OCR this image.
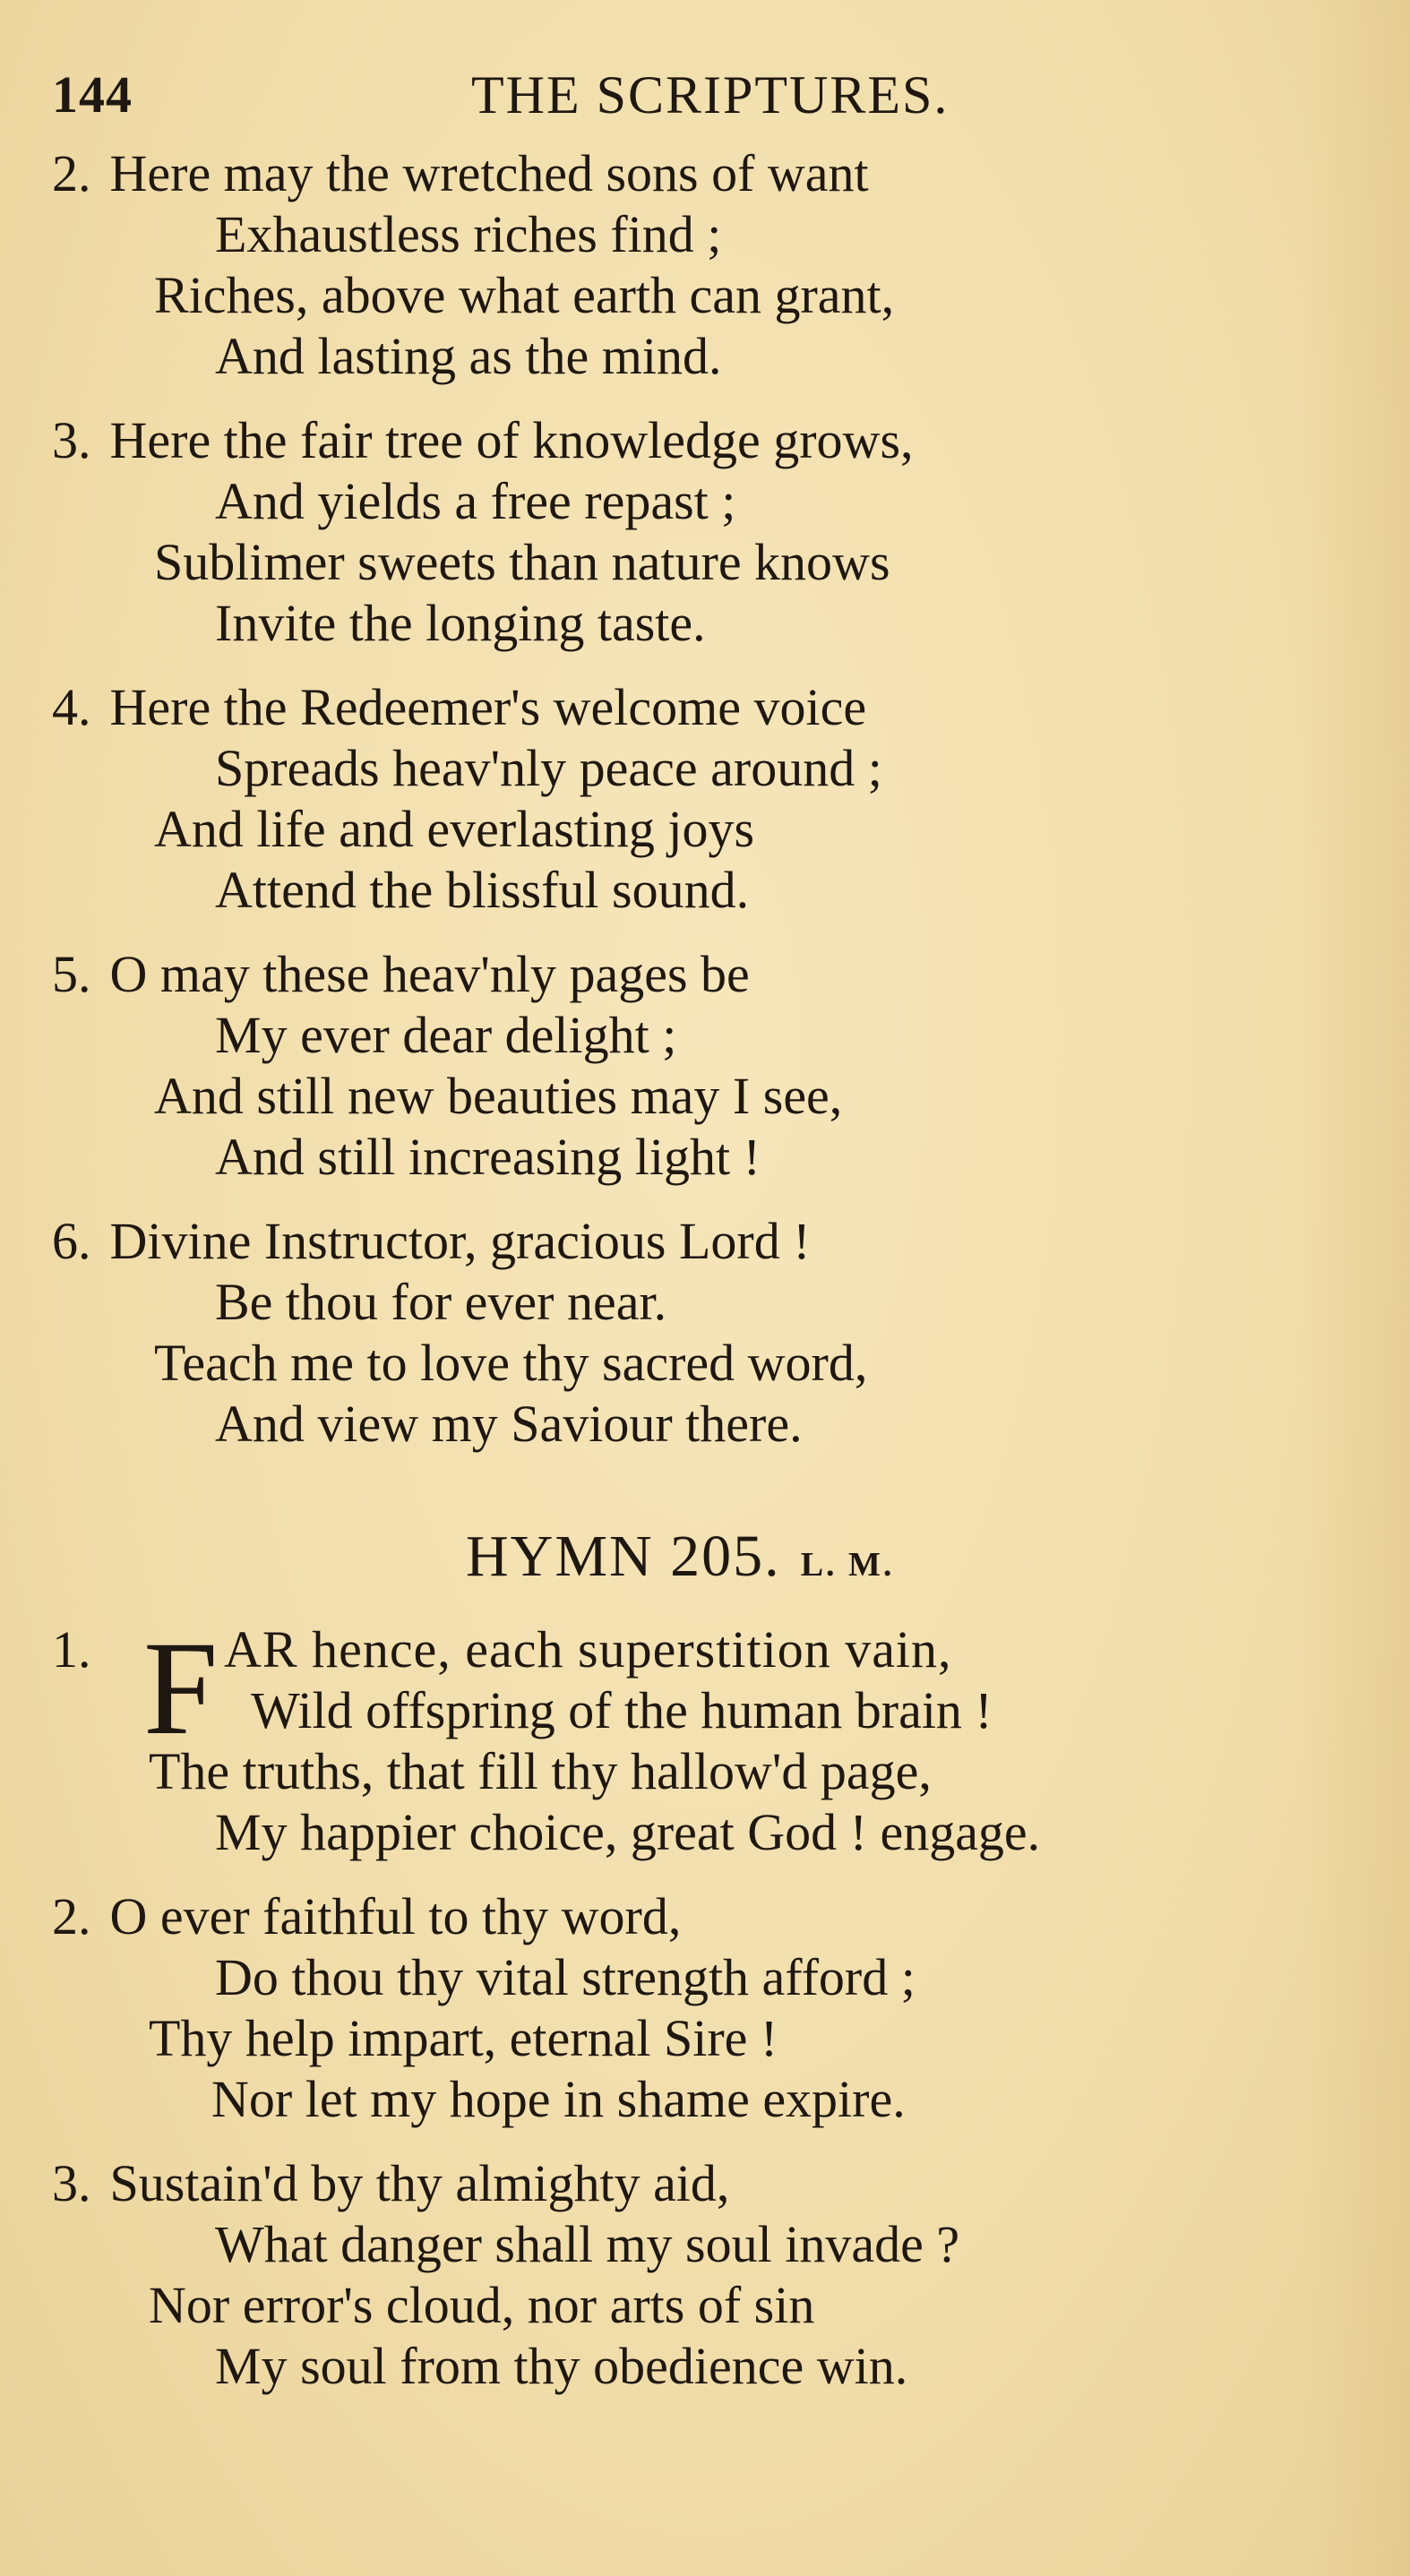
144	THE SCRIPTURES.
2. Here may the wretched sons of want
Exhaustless riches find ;
Riches, above what earth can grant,
And lasting as the mind.
3. Here the fair tree of knowledge grows,
And yields a free repast ;
Sublimer sweets than nature knows
Invite the longing taste.
4. Here the Redeemer's welcome voice
Spreads heav'nly peace around ;
And life and everlasting joys
Attend the blissful sound.
5. O may these heav'nly pages be
My ever dear delight ;
And still new beauties may I see,
And still increasing light !
6. Divine Instructor, gracious Lord !
Be thou for ever near.
Teach me to love thy sacred word,
And view my Saviour there.
HYMN 205. L. M.
1. F AR hence, each superstition vain,
Wild offspring of the human brain !
The truths, that fill thy hallow'd page,
My happier choice, great God ! engage.
2. O ever faithful to thy word,
Do thou thy vital strength afford ;
Thy help impart, eternal Sire !
Nor let my hope in shame expire.
3. Sustain'd by thy almighty aid,
What danger shall my soul invade ?
Nor error's cloud, nor arts of sin
My soul from thy obedience win.
